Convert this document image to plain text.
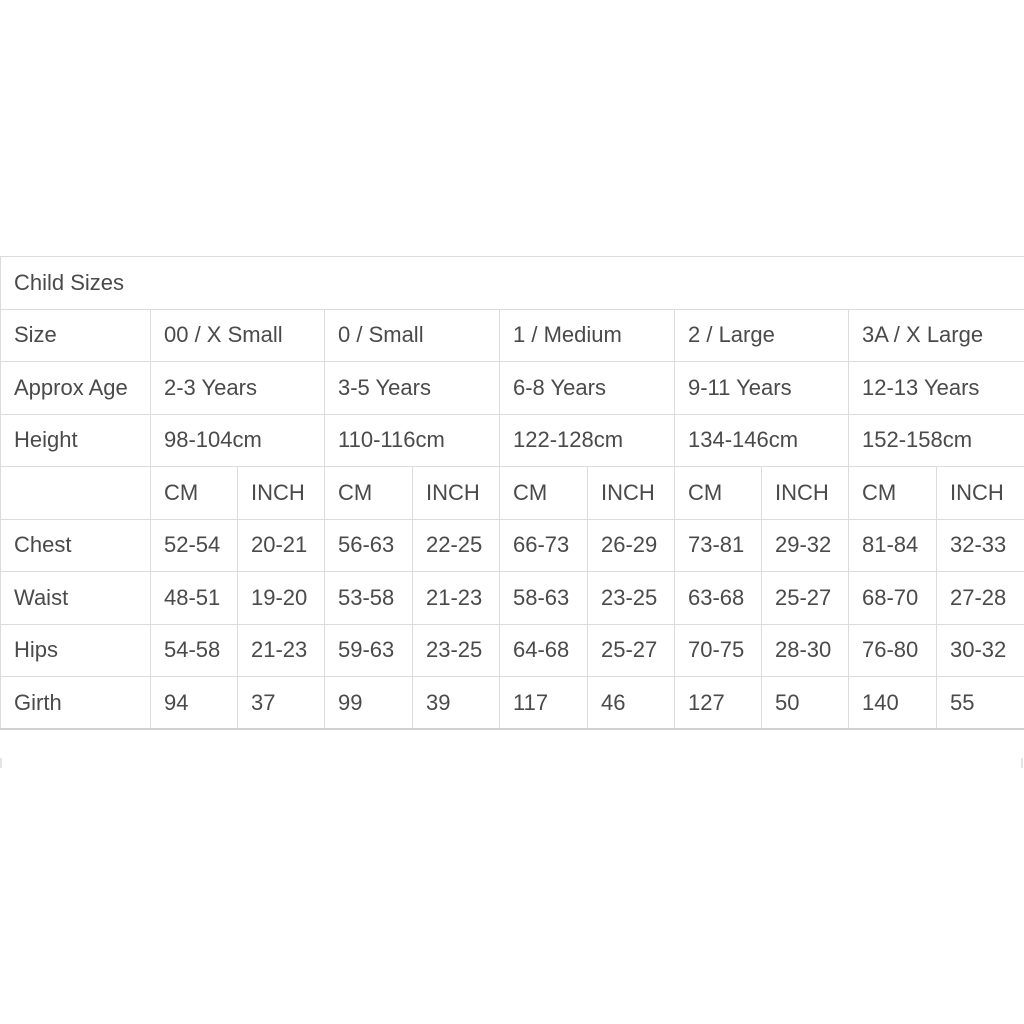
Child Sizes										
Size	00 / X Small		0 / Small		1 / Medium		2 / Large		3A / X Large	
Approx Age	2-3 Years		3-5 Years		6-8 Years		9-11 Years		12-13 Years	
Height	98-104cm		110-116cm		122-128cm		134-146cm		152-158cm	
	CM	INCH	CM	INCH	CM	INCH	CM	INCH	CM	INCH
Chest	52-54	20-21	56-63	22-25	66-73	26-29	73-81	29-32	81-84	32-33
Waist	48-51	19-20	53-58	21-23	58-63	23-25	63-68	25-27	68-70	27-28
Hips	54-58	21-23	59-63	23-25	64-68	25-27	70-75	28-30	76-80	30-32
Girth	94	37	99	39	117	46	127	50	140	55
